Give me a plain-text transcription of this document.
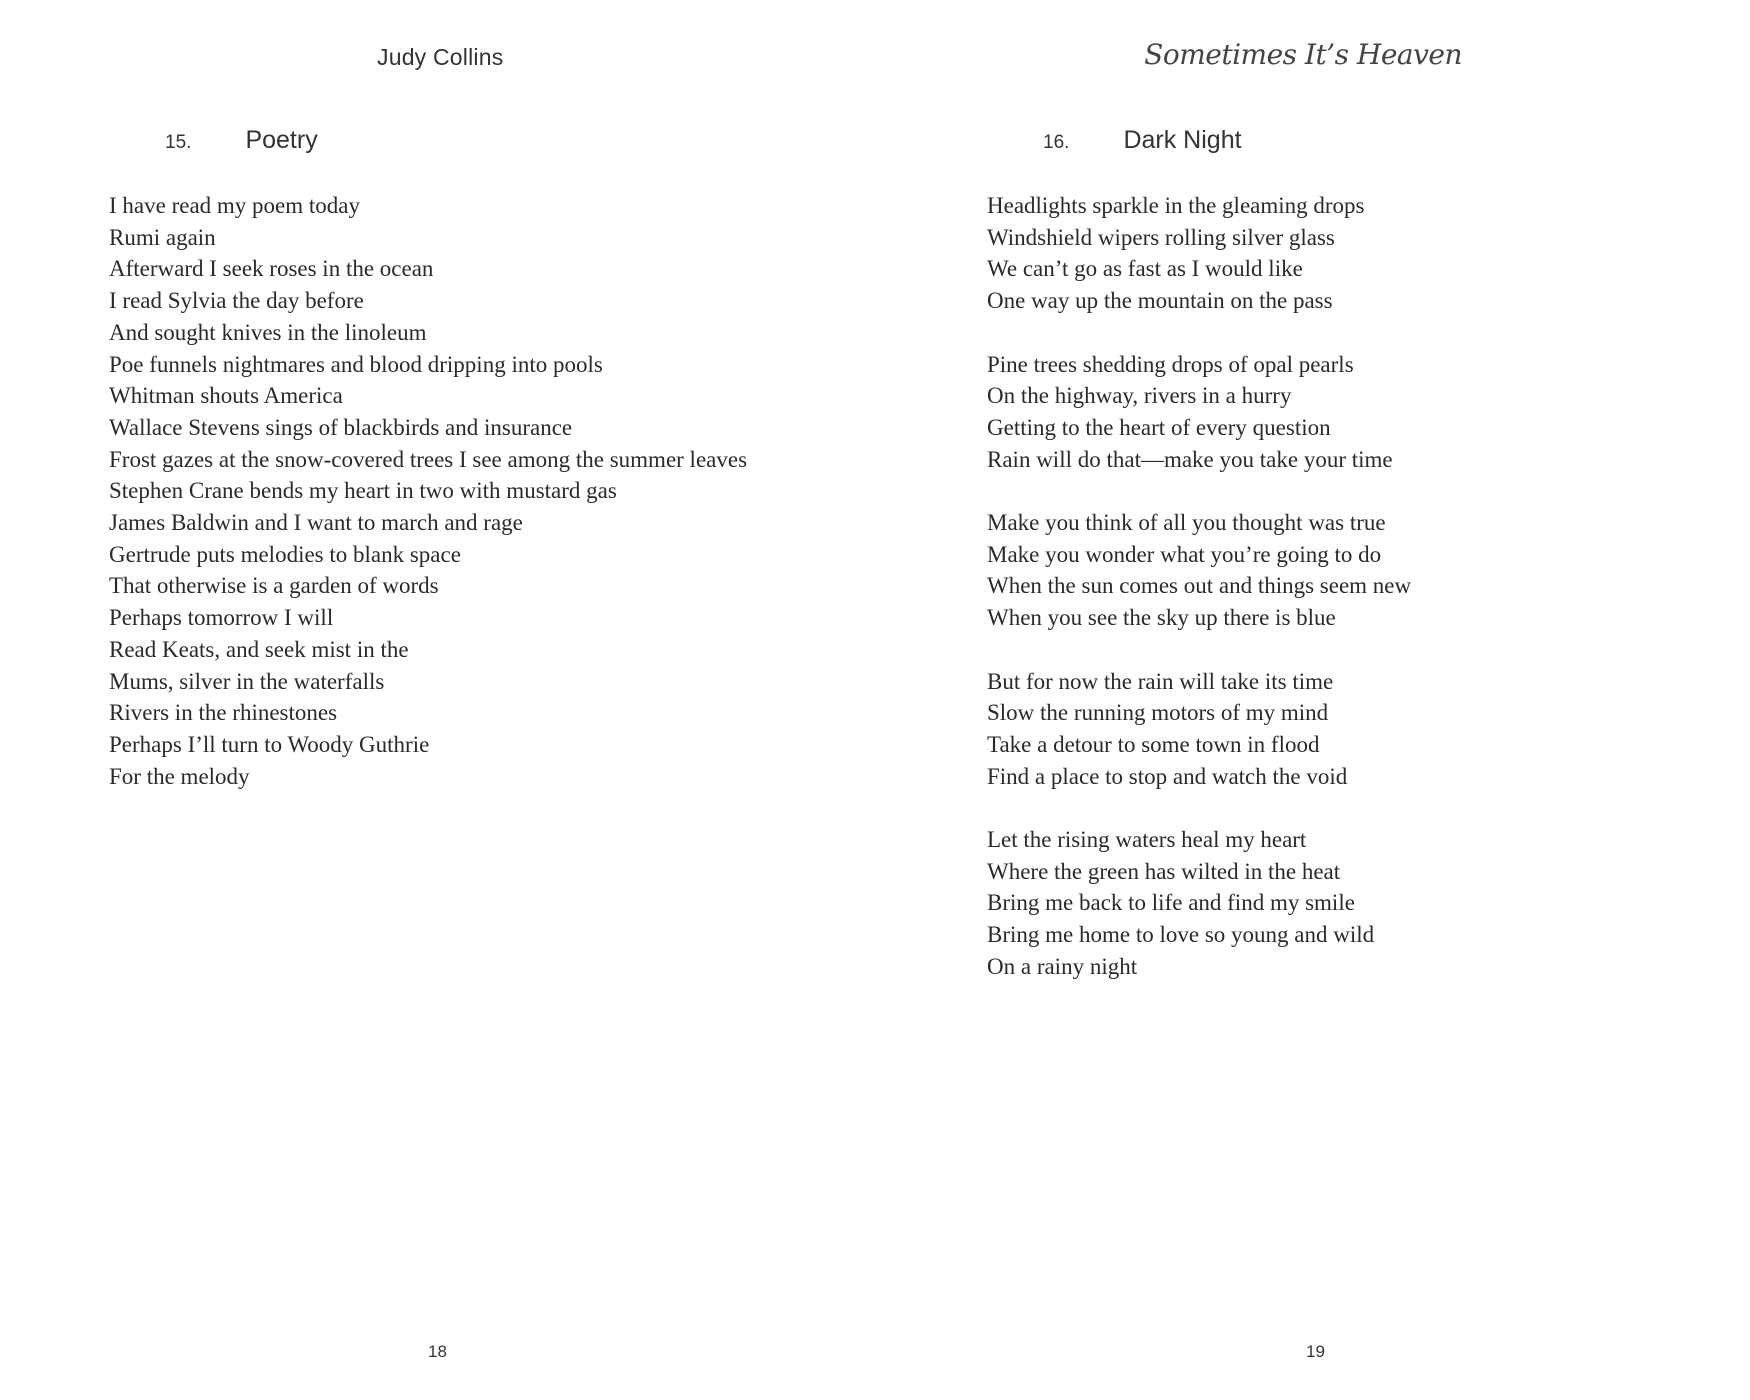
Judy Collins
15. Poetry
I have read my poem today
Rumi again
Afterward I seek roses in the ocean
I read Sylvia the day before
And sought knives in the linoleum
Poe funnels nightmares and blood dripping into pools
Whitman shouts America
Wallace Stevens sings of blackbirds and insurance
Frost gazes at the snow-covered trees I see among the summer leaves
Stephen Crane bends my heart in two with mustard gas
James Baldwin and I want to march and rage
Gertrude puts melodies to blank space
That otherwise is a garden of words
Perhaps tomorrow I will
Read Keats, and seek mist in the
Mums, silver in the waterfalls
Rivers in the rhinestones
Perhaps I’ll turn to Woody Guthrie
For the melody
18
Sometimes It’s Heaven
16. Dark Night
Headlights sparkle in the gleaming drops
Windshield wipers rolling silver glass
We can’t go as fast as I would like
One way up the mountain on the pass
Pine trees shedding drops of opal pearls
On the highway, rivers in a hurry
Getting to the heart of every question
Rain will do that—make you take your time
Make you think of all you thought was true
Make you wonder what you’re going to do
When the sun comes out and things seem new
When you see the sky up there is blue
But for now the rain will take its time
Slow the running motors of my mind
Take a detour to some town in flood
Find a place to stop and watch the void
Let the rising waters heal my heart
Where the green has wilted in the heat
Bring me back to life and find my smile
Bring me home to love so young and wild
On a rainy night
19
